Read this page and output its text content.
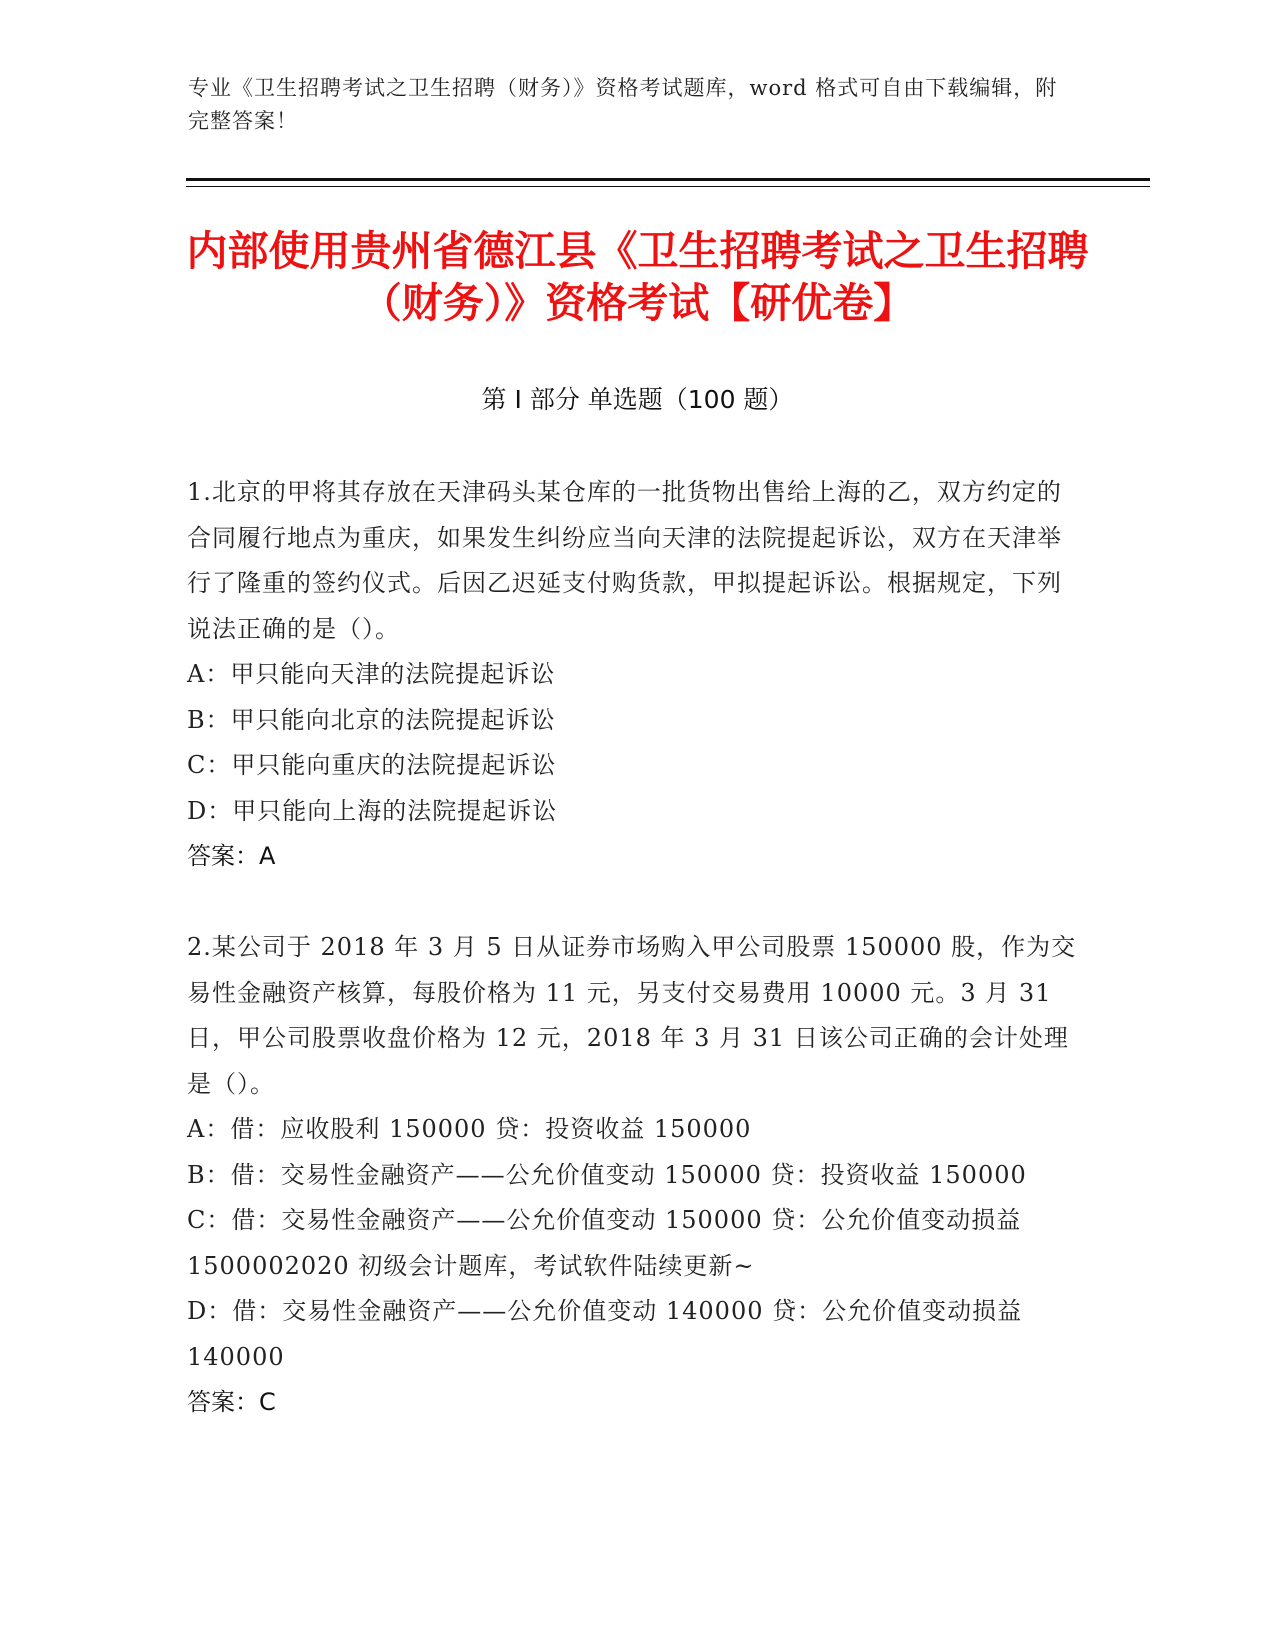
专业《卫生招聘考试之卫生招聘（财务）》资格考试题库，word 格式可自由下载编辑，附完整答案！
内部使用贵州省德江县《卫生招聘考试之卫生招聘（财务）》资格考试【研优卷】
第 I 部分 单选题（100 题）
1.北京的甲将其存放在天津码头某仓库的一批货物出售给上海的乙，双方约定的合同履行地点为重庆，如果发生纠纷应当向天津的法院提起诉讼，双方在天津举行了隆重的签约仪式。后因乙迟延支付购货款，甲拟提起诉讼。根据规定，下列说法正确的是（）。
A：甲只能向天津的法院提起诉讼
B：甲只能向北京的法院提起诉讼
C：甲只能向重庆的法院提起诉讼
D：甲只能向上海的法院提起诉讼
答案：A
2.某公司于 2018 年 3 月 5 日从证券市场购入甲公司股票 150000 股，作为交易性金融资产核算，每股价格为 11 元，另支付交易费用 10000 元。3 月 31 日，甲公司股票收盘价格为 12 元，2018 年 3 月 31 日该公司正确的会计处理是（）。
A：借：应收股利 150000 贷：投资收益 150000
B：借：交易性金融资产——公允价值变动 150000 贷：投资收益 150000
C：借：交易性金融资产——公允价值变动 150000 贷：公允价值变动损益 1500002020 初级会计题库，考试软件陆续更新~
D：借：交易性金融资产——公允价值变动 140000 贷：公允价值变动损益 140000
答案：C
